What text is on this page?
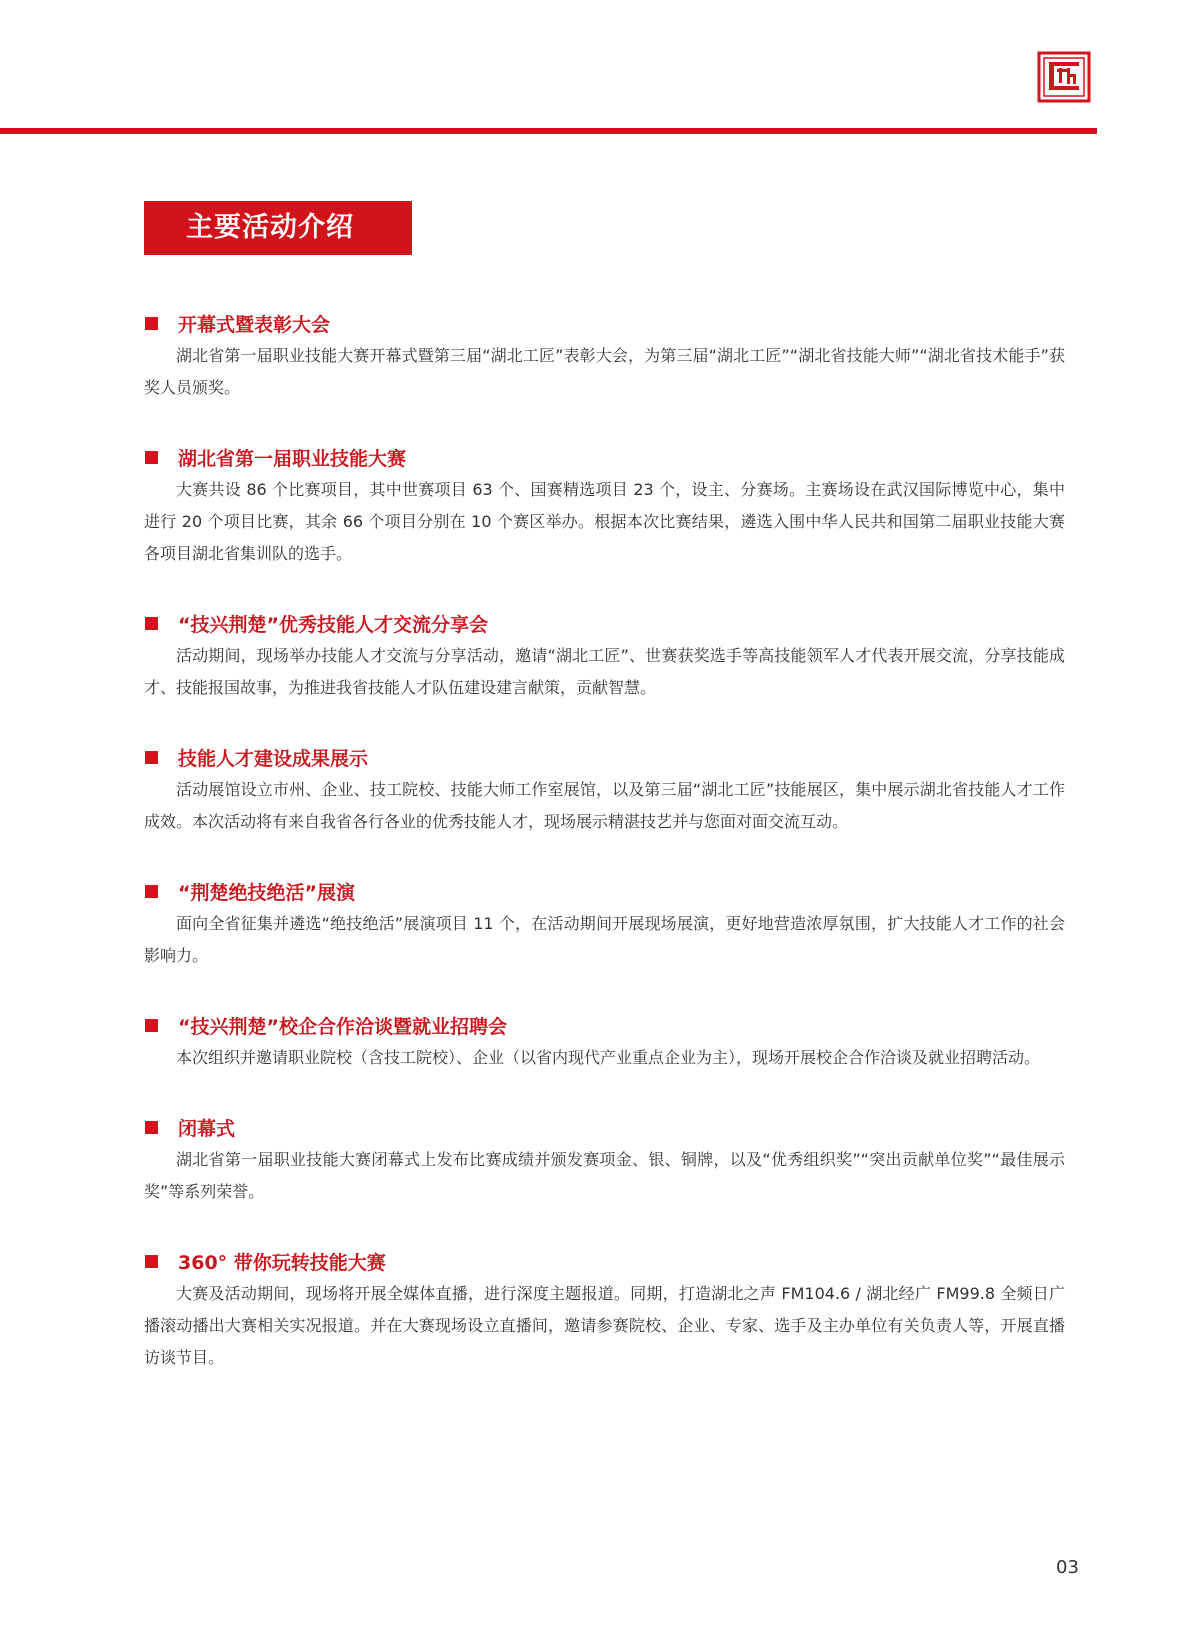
主要活动介绍
开幕式暨表彰大会

湖北省第一届职业技能大赛开幕式暨第三届“湖北工匠”表彰大会，为第三届“湖北工匠”“湖北省技能大师”“湖北省技术能手”获奖人员颁奖。

湖北省第一届职业技能大赛

大赛共设 86 个比赛项目，其中世赛项目 63 个、国赛精选项目 23 个，设主、分赛场。主赛场设在武汉国际博览中心，集中进行 20 个项目比赛，其余 66 个项目分别在 10 个赛区举办。根据本次比赛结果，遴选入围中华人民共和国第二届职业技能大赛各项目湖北省集训队的选手。

“技兴荆楚”优秀技能人才交流分享会

活动期间，现场举办技能人才交流与分享活动，邀请“湖北工匠”、世赛获奖选手等高技能领军人才代表开展交流，分享技能成才、技能报国故事，为推进我省技能人才队伍建设建言献策，贡献智慧。

技能人才建设成果展示

活动展馆设立市州、企业、技工院校、技能大师工作室展馆，以及第三届“湖北工匠”技能展区，集中展示湖北省技能人才工作成效。本次活动将有来自我省各行各业的优秀技能人才，现场展示精湛技艺并与您面对面交流互动。

“荆楚绝技绝活”展演

面向全省征集并遴选“绝技绝活”展演项目 11 个，在活动期间开展现场展演，更好地营造浓厚氛围，扩大技能人才工作的社会影响力。

“技兴荆楚”校企合作洽谈暨就业招聘会

本次组织并邀请职业院校（含技工院校）、企业（以省内现代产业重点企业为主），现场开展校企合作洽谈及就业招聘活动。

闭幕式

湖北省第一届职业技能大赛闭幕式上发布比赛成绩并颁发赛项金、银、铜牌，以及“优秀组织奖”“突出贡献单位奖”“最佳展示奖”等系列荣誉。

360° 带你玩转技能大赛

大赛及活动期间，现场将开展全媒体直播，进行深度主题报道。同期，打造湖北之声 FM104.6 / 湖北经广 FM99.8 全频日广播滚动播出大赛相关实况报道。并在大赛现场设立直播间，邀请参赛院校、企业、专家、选手及主办单位有关负责人等，开展直播访谈节目。

03
